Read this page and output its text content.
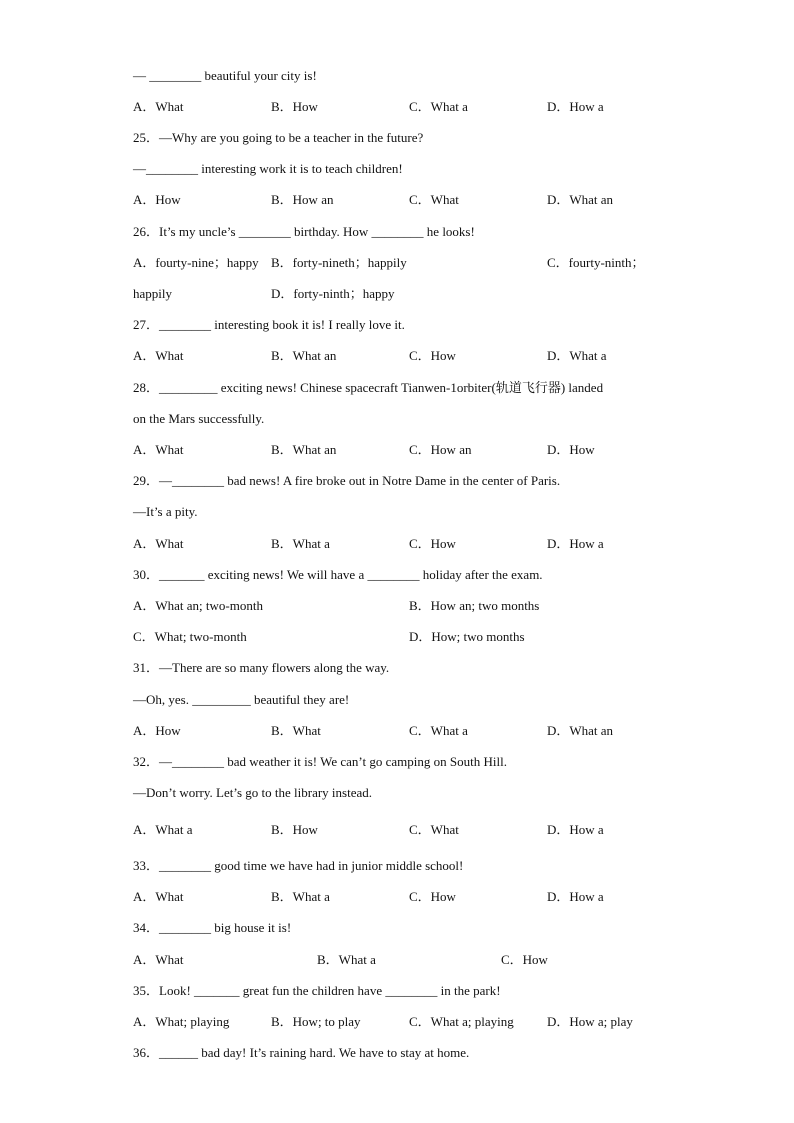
— ________ beautiful your city is!
A．What	B．How	C．What a	D．How a
25．—Why are you going to be a teacher in the future?
—________ interesting work it is to teach children!
A．How	B．How an	C．What	D．What an
26．It’s my uncle’s ________ birthday. How ________ he looks!
A．fourty-nine；happy B．forty-nineth；happily	C．fourty-ninth；
happily	D．forty-ninth；happy
27．________ interesting book it is! I really love it.
A．What	B．What an	C．How	D．What a
28．_________ exciting news! Chinese spacecraft Tianwen-1orbiter(轨道飞行器) landed
on the Mars successfully.
A．What	B．What an	C．How an	D．How
29．—________ bad news! A fire broke out in Notre Dame in the center of Paris.
—It’s a pity.
A．What	B．What a	C．How	D．How a
30．_______ exciting news! We will have a ________ holiday after the exam.
A．What an; two-month	B．How an; two months
C．What; two-month	D．How; two months
31．—There are so many flowers along the way.
—Oh, yes. _________ beautiful they are!
A．How	B．What	C．What a	D．What an
32．—________ bad weather it is! We can’t go camping on South Hill.
—Don’t worry. Let’s go to the library instead.
A．What a	B．How	C．What	D．How a
33．________ good time we have had in junior middle school!
A．What	B．What a	C．How	D．How a
34．________ big house it is!
A．What	B．What a	C．How
35．Look! _______ great fun the children have ________ in the park!
A．What; playing	B．How; to play	C．What a; playing	D．How a; play
36．______ bad day! It’s raining hard. We have to stay at home.
